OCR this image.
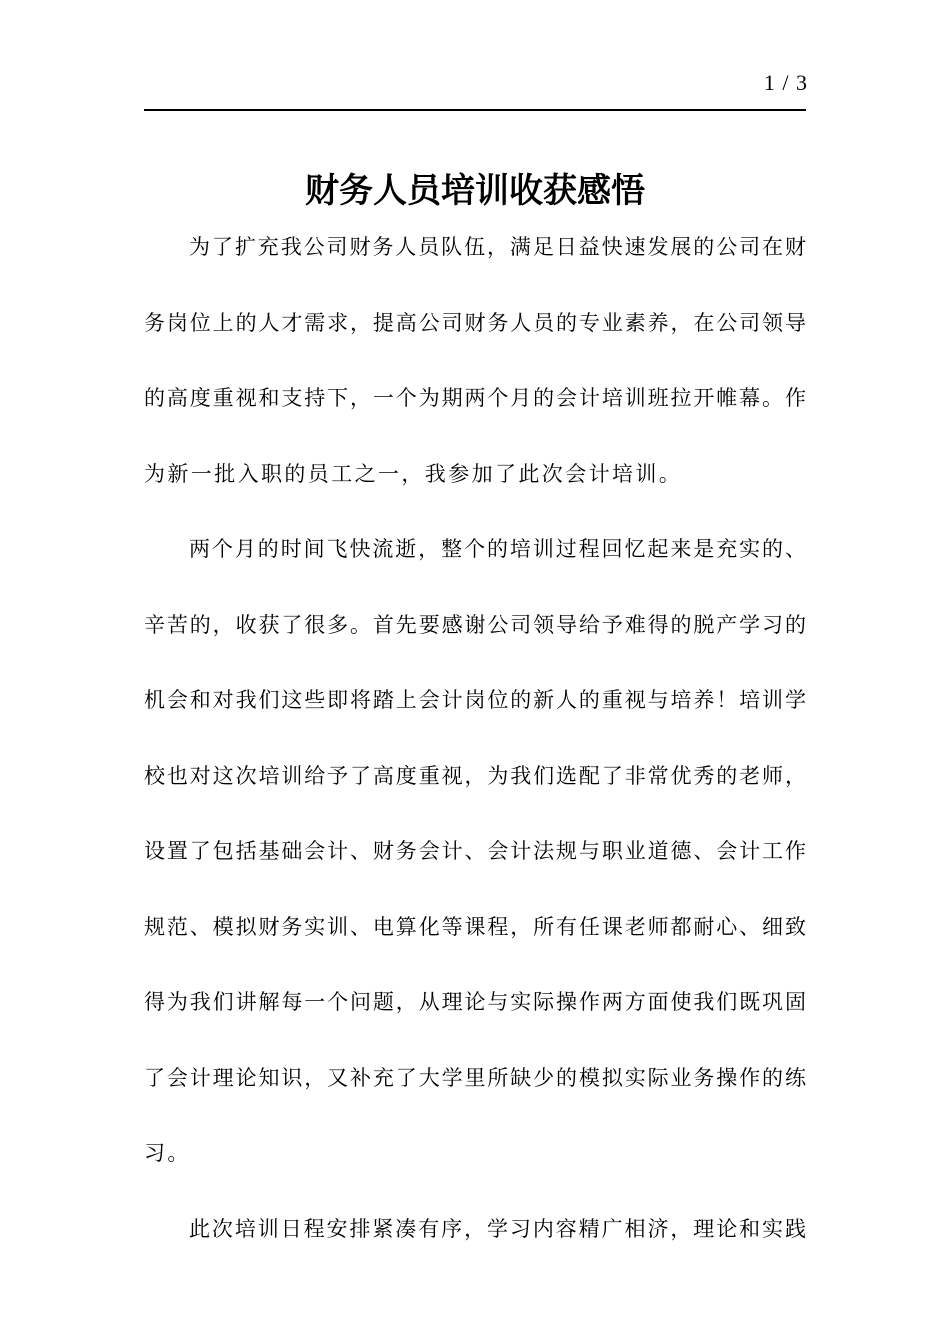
1 / 3
财务人员培训收获感悟
为 了 扩 充 我 公 司 财 务 人 员 队 伍 ， 满 足 日 益 快 速 发 展 的 公 司 在 财
务 岗 位 上 的 人 才 需 求 ， 提 高 公 司 财 务 人 员 的 专 业 素 养 ， 在 公 司 领 导
的 高 度 重 视 和 支 持 下 ， 一 个 为 期 两 个 月 的 会 计 培 训 班 拉 开 帷 幕 。 作
为新一批入职的员工之一，我参加了此次会计培训。
两 个 月 的 时 间 飞 快 流 逝 ， 整 个 的 培 训 过 程 回 忆 起 来 是 充 实 的 、
辛 苦 的 ， 收 获 了 很 多 。 首 先 要 感 谢 公 司 领 导 给 予 难 得 的 脱 产 学 习 的
机 会 和 对 我 们 这 些 即 将 踏 上 会 计 岗 位 的 新 人 的 重 视 与 培 养 ！ 培 训 学
校 也 对 这 次 培 训 给 予 了 高 度 重 视 ， 为 我 们 选 配 了 非 常 优 秀 的 老 师 ，
设 置 了 包 括 基 础 会 计 、 财 务 会 计 、 会 计 法 规 与 职 业 道 德 、 会 计 工 作
规 范 、 模 拟 财 务 实 训 、 电 算 化 等 课 程 ， 所 有 任 课 老 师 都 耐 心 、 细 致
得 为 我 们 讲 解 每 一 个 问 题 ， 从 理 论 与 实 际 操 作 两 方 面 使 我 们 既 巩 固
了 会 计 理 论 知 识 ， 又 补 充 了 大 学 里 所 缺 少 的 模 拟 实 际 业 务 操 作 的 练
习。
此 次 培 训 日 程 安 排 紧 凑 有 序 ， 学 习 内 容 精 广 相 济 ， 理 论 和 实 践
